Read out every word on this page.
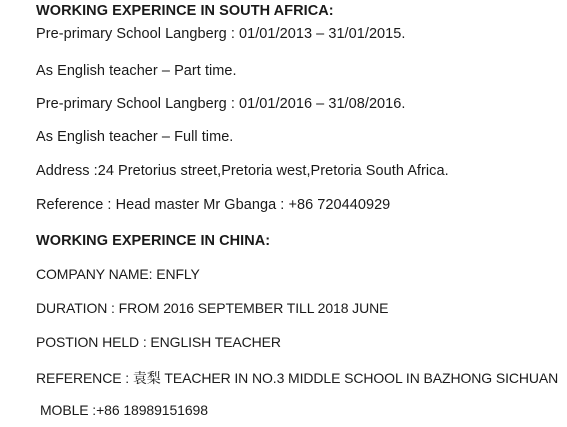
WORKING EXPERINCE IN SOUTH AFRICA:
Pre-primary School Langberg : 01/01/2013 – 31/01/2015.
As English teacher – Part time.
Pre-primary School Langberg : 01/01/2016 – 31/08/2016.
As English teacher – Full time.
Address :24 Pretorius street,Pretoria west,Pretoria South Africa.
Reference : Head master Mr Gbanga : +86 720440929
WORKING EXPERINCE IN CHINA:
COMPANY NAME: ENFLY
DURATION : FROM 2016 SEPTEMBER TILL 2018 JUNE
POSTION HELD : ENGLISH TEACHER
REFERENCE : 袁梨 TEACHER IN NO.3 MIDDLE SCHOOL IN BAZHONG SICHUAN
MOBLE :+86 18989151698
